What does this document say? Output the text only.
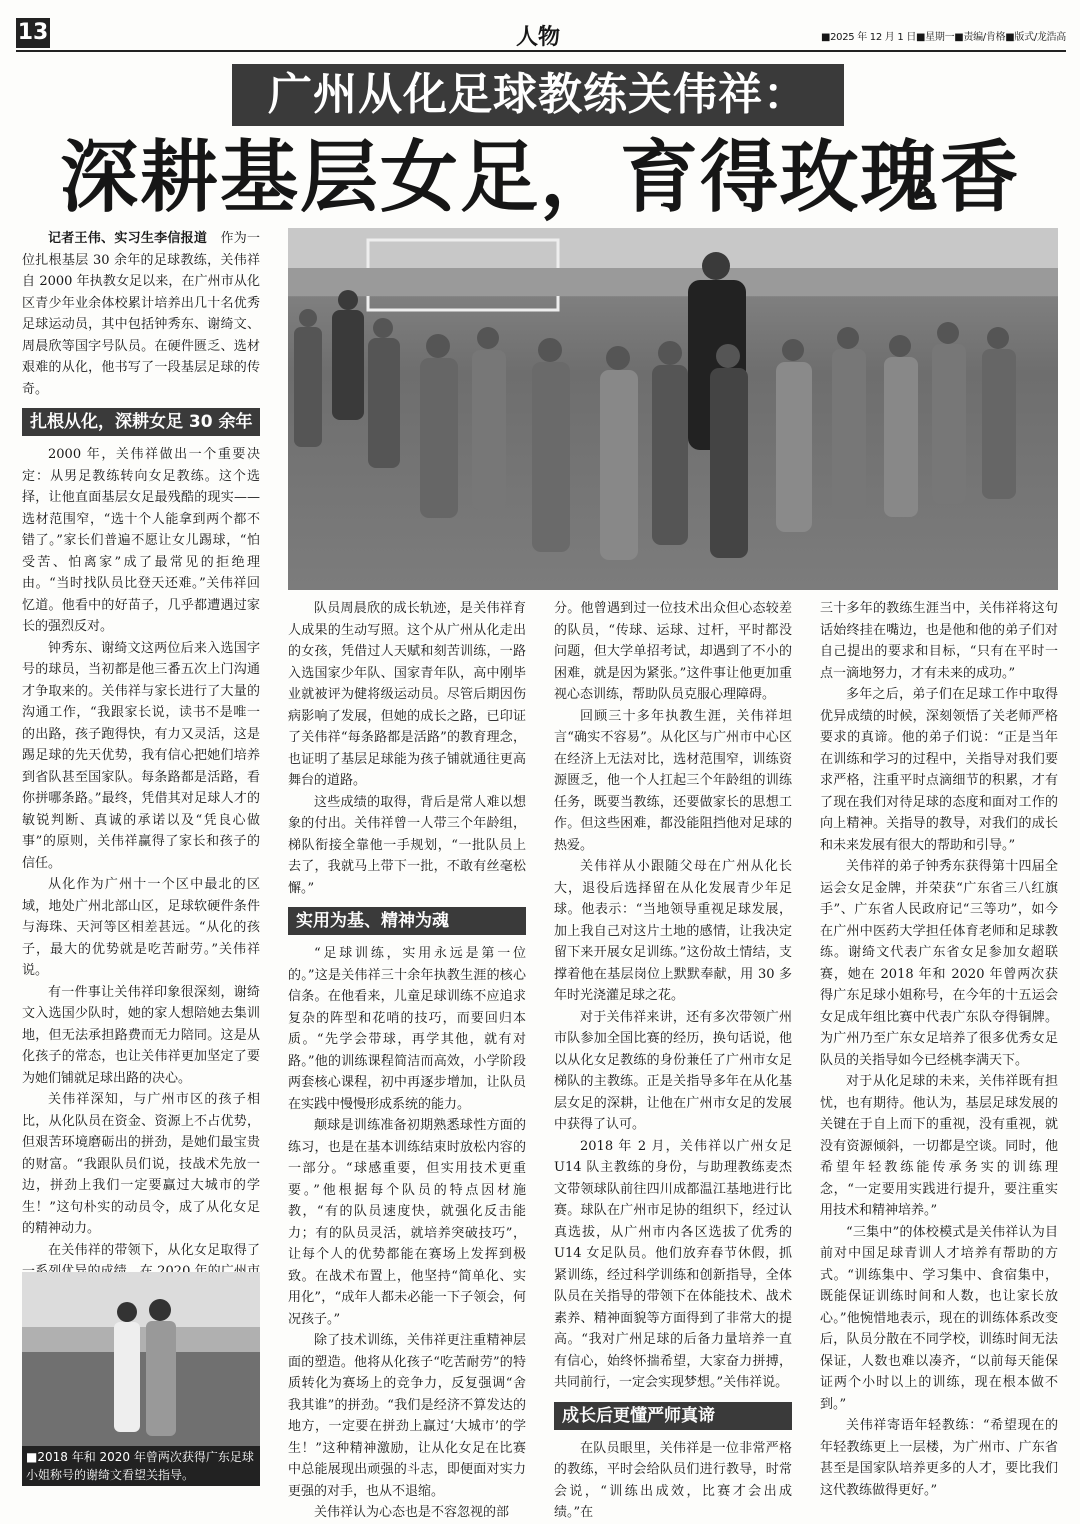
13	人物	■2025 年 12 月 1 日■星期一■责编/肯格■版式/龙浩高
广州从化足球教练关伟祥：
深耕基层女足，育得玫瑰香

记者王伟、实习生李信报道　 作为一位扎根基层 30 余年的足球教练，关伟祥自 2000 年执教女足以来，在广州市从化区青少年业余体校累计培养出几十名优秀足球运动员，其中包括钟秀东、谢绮文、周晨欣等国字号队员。在硬件匮乏、选材艰难的从化，他书写了一段基层足球的传奇。

扎根从化，深耕女足 30 余年

2000 年，关伟祥做出一个重要决定：从男足教练转向女足教练。这个选择，让他直面基层女足最残酷的现实——选材范围窄，“选十个人能拿到两个都不错了。”家长们普遍不愿让女儿踢球，“怕受苦、怕离家”成了最常见的拒绝理由。“当时找队员比登天还难。”关伟祥回忆道。他看中的好苗子，几乎都遭遇过家长的强烈反对。

钟秀东、谢绮文这两位后来入选国字号的球员，当初都是他三番五次上门沟通才争取来的。关伟祥与家长进行了大量的沟通工作，“我跟家长说，读书不是唯一的出路，孩子跑得快，有力又灵活，这是踢足球的先天优势，我有信心把她们培养到省队甚至国家队。每条路都是活路，看你拼哪条路。”最终，凭借其对足球人才的敏锐判断、真诚的承诺以及“凭良心做事”的原则，关伟祥赢得了家长和孩子的信任。

从化作为广州十一个区中最北的区域，地处广州北部山区，足球软硬件条件与海珠、天河等区相差甚远。“从化的孩子，最大的优势就是吃苦耐劳。”关伟祥说。

有一件事让关伟祥印象很深刻，谢绮文入选国少队时，她的家人想陪她去集训地，但无法承担路费而无力陪同。这是从化孩子的常态，也让关伟祥更加坚定了要为她们铺就足球出路的决心。

关伟祥深知，与广州市区的孩子相比，从化队员在资金、资源上不占优势，但艰苦环境磨砺出的拼劲，是她们最宝贵的财富。“我跟队员们说，技战术先放一边，拼劲上我们一定要赢过大城市的学生！”这句朴实的动员令，成了从化女足的精神动力。

在关伟祥的带领下，从化女足取得了

■2018 年和 2020 年曾两次获得广东足球小姐称号的谢绮文看望关指导。

队员周晨欣的成长轨迹，是关伟祥育人成果的生动写照。这个从广州从化走出的女孩，凭借过人天赋和刻苦训练，一路入选国家少年队、国家青年队，高中刚毕业就被评为健将级运动员。尽管后期因伤病影响了发展，但她的成长之路，已印证了关伟祥“每条路都是活路”的教育理念，也证明了基层足球能为孩子铺就通往更高舞台的道路。

这些成绩的取得，背后是常人难以想象的付出。关伟祥曾一人带三个年龄组，梯队衔接全靠他一手规划，“一批队员上去了，我就马上带下一批，不敢有丝毫松懈。”

实用为基、精神为魂

“足球训练，实用永远是第一位的。”这是关伟祥三十余年执教生涯的核心信条。在他看来，儿童足球训练不应追求复杂的阵型和花哨的技巧，而要回归本质。“先学会带球，再学其他，就有对路。”他的训练课程简洁而高效，小学阶段两套核心课程，初中再逐步增加，让队员在实践中慢慢形成系统的能力。

颠球是训练准备初期熟悉球性方面的练习，也是在基本训练结束时放松内容的一部分。“球感重要，但实用技术更重要。”他根据每个队员的特点因材施教，“有的队员速度快，就强化反击能力；有的队员灵活，就培养突破技巧”，让每个人的优势都能在赛场上发挥到极致。在战术布置上，他坚持“简单化、实用化”，“成年人都未必能一下子领会，何况孩子。”

除了技术训练，关伟祥更注重精神层面的塑造。他将从化孩子“吃苦耐劳”的特质转化为赛场上的竞争力，反复强调“舍我其谁”的拼劲。“我们是经济不算发达的地方，一定要在拼劲上赢过‘大城市’的学生！”这种精神激励，让从化女足在比赛中总能展现出顽强的斗志，即便面对实力更强的对手，也从不退缩。

关伟祥认为心态也是不容忽视的部

分。他曾遇到过一位技术出众但心态较差的队员，“传球、运球、过杆，平时都没问题，但大学单招考试，却遇到了不小的困难，就是因为紧张。”这件事让他更加重视心态训练，帮助队员克服心理障碍。

回顾三十多年执教生涯，关伟祥坦言“确实不容易”。从化区与广州市中心区在经济上无法对比，选材范围窄，训练资源匮乏，他一个人扛起三个年龄组的训练任务，既要当教练，还要做家长的思想工作。但这些困难，都没能阻挡他对足球的热爱。

关伟祥从小跟随父母在广州从化长大，退役后选择留在从化发展青少年足球。他表示：“当地领导重视足球发展，加上我自己对这片土地的感情，让我决定留下来开展女足训练。”这份故土情结，支撑着他在基层岗位上默默奉献，用 30 多年时光浇灌足球之花。

对于关伟祥来讲，还有多次带领广州市队参加全国比赛的经历，换句话说，他以从化女足教练的身份兼任了广州市女足梯队的主教练。正是关指导多年在从化基层女足的深耕，让他在广州市女足的发展中获得了认可。

2018 年 2 月，关伟祥以广州女足 U14 队主教练的身份，与助理教练麦杰文带领球队前往四川成都温江基地进行比赛。球队在广州市足协的组织下，经过认真选拔，从广州市内各区选拔了优秀的 U14 女足队员。他们放弃春节休假，抓紧训练，经过科学训练和创新指导，全体队员在关指导的带领下在体能技术、战术素养、精神面貌等方面得到了非常大的提高。“我对广州足球的后备力量培养一直有信心，始终怀揣希望，大家奋力拼搏，共同前行，一定会实现梦想。”关伟祥说。

成长后更懂严师真谛

在队员眼里，关伟祥是一位非常严格的教练，平时会给队员们进行教导，时常会说，“训练出成效，比赛才会出成绩。”在

三十多年的教练生涯当中，关伟祥将这句话始终挂在嘴边，也是他和他的弟子们对自己提出的要求和目标，“只有在平时一点一滴地努力，才有未来的成功。”

多年之后，弟子们在足球工作中取得优异成绩的时候，深刻领悟了关老师严格要求的真谛。他的弟子们说：“正是当年在训练和学习的过程中，关指导对我们要求严格，注重平时点滴细节的积累，才有了现在我们对待足球的态度和面对工作的向上精神。关指导的教导，对我们的成长和未来发展有很大的帮助和引导。”

关伟祥的弟子钟秀东获得第十四届全运会女足金牌，并荣获“广东省三八红旗手”、广东省人民政府记“三等功”，如今在广州中医药大学担任体育老师和足球教练。谢绮文代表广东省女足参加女超联赛，她在 2018 年和 2020 年曾两次获得广东足球小姐称号，在今年的十五运会女足成年组比赛中代表广东队夺得铜牌。为广州乃至广东女足培养了很多优秀女足队员的关指导如今已经桃李满天下。

对于从化足球的未来，关伟祥既有担忧，也有期待。他认为，基层足球发展的关键在于自上而下的重视，没有重视，就没有资源倾斜，一切都是空谈。同时，他希望年轻教练能传承务实的训练理念，“一定要用实践进行提升，要注重实用技术和精神培养。”

“三集中”的体校模式是关伟祥认为目前对中国足球青训人才培养有帮助的方式。“训练集中、学习集中、食宿集中，既能保证训练时间和人数，也让家长放心。”他惋惜地表示，现在的训练体系改变后，队员分散在不同学校，训练时间无法保证，人数也难以凑齐，“以前每天能保证两个小时以上的训练，现在根本做不到。”

关伟祥寄语年轻教练：“希望现在的年轻教练更上一层楼，为广州市、广东省甚至是国家队培养更多的人才，要比我们这代教练做得更好。”
